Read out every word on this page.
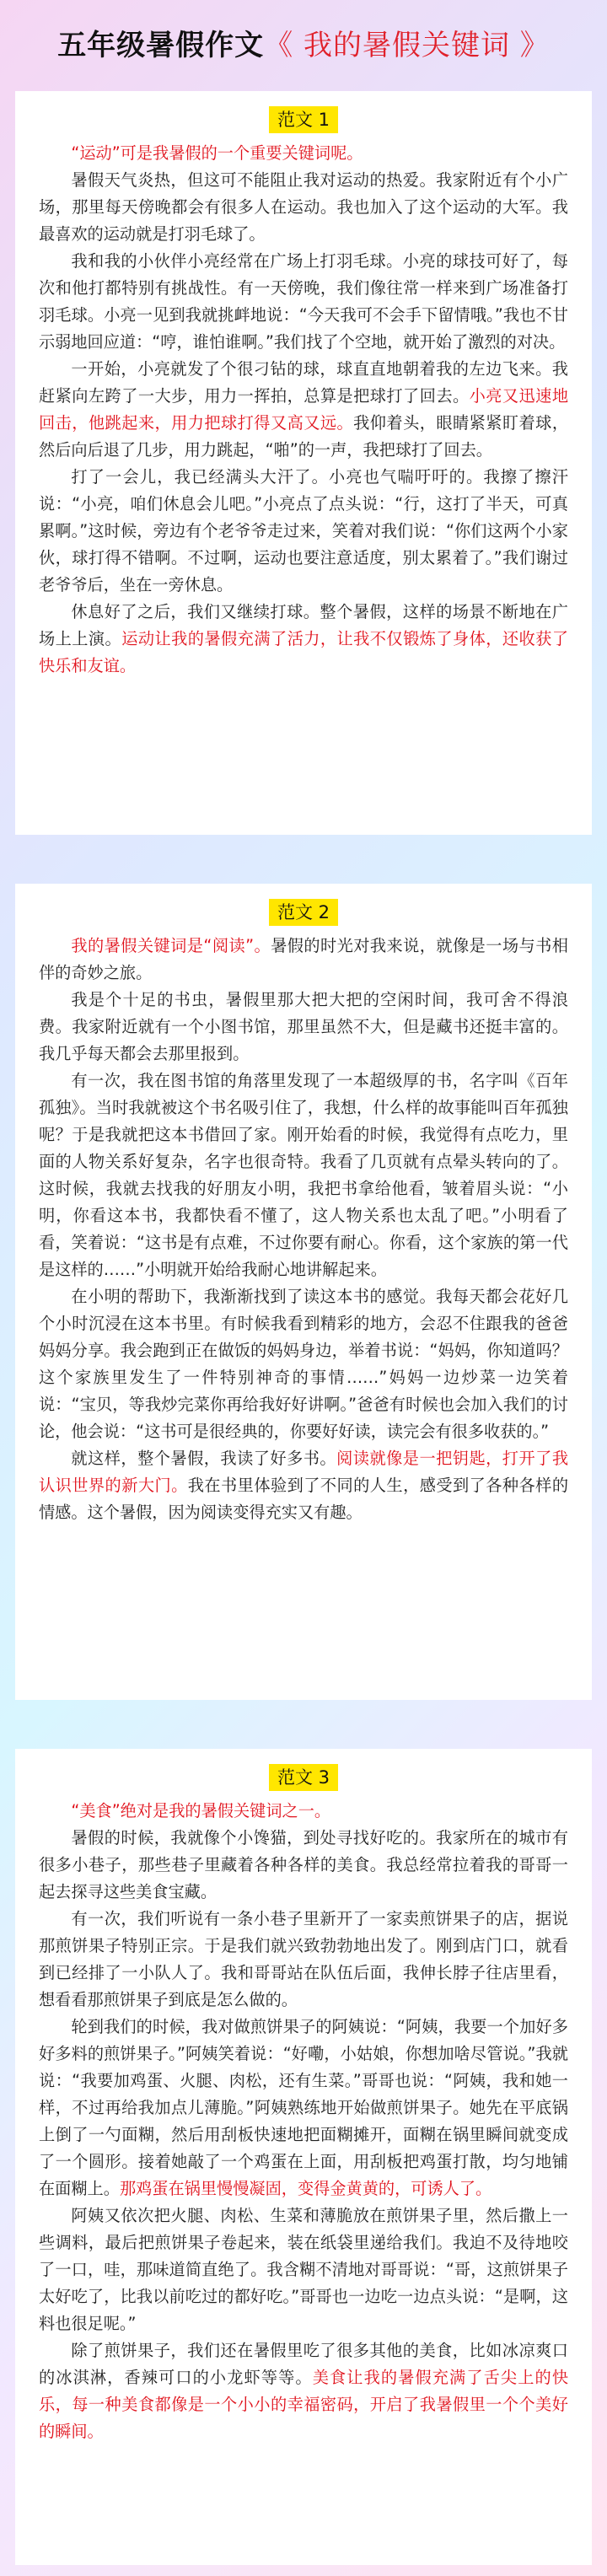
五年级暑假作文《 我的暑假关键词 》
范文 1

“运动”可是我暑假的一个重要关键词呢。

暑假天气炎热，但这可不能阻止我对运动的热爱。我家附近有个小广场，那里每天傍晚都会有很多人在运动。我也加入了这个运动的大军。我最喜欢的运动就是打羽毛球了。

我和我的小伙伴小亮经常在广场上打羽毛球。小亮的球技可好了，每次和他打都特别有挑战性。有一天傍晚，我们像往常一样来到广场准备打羽毛球。小亮一见到我就挑衅地说：“今天我可不会手下留情哦。”我也不甘示弱地回应道：“哼，谁怕谁啊。”我们找了个空地，就开始了激烈的对决。

一开始，小亮就发了个很刁钻的球，球直直地朝着我的左边飞来。我赶紧向左跨了一大步，用力一挥拍，总算是把球打了回去。小亮又迅速地回击，他跳起来，用力把球打得又高又远。我仰着头，眼睛紧紧盯着球，然后向后退了几步，用力跳起，“啪”的一声，我把球打了回去。

打了一会儿，我已经满头大汗了。小亮也气喘吁吁的。我擦了擦汗说：“小亮，咱们休息会儿吧。”小亮点了点头说：“行，这打了半天，可真累啊。”这时候，旁边有个老爷爷走过来，笑着对我们说：“你们这两个小家伙，球打得不错啊。不过啊，运动也要注意适度，别太累着了。”我们谢过老爷爷后，坐在一旁休息。

休息好了之后，我们又继续打球。整个暑假，这样的场景不断地在广场上上演。运动让我的暑假充满了活力，让我不仅锻炼了身体，还收获了快乐和友谊。

范文 2

我的暑假关键词是“阅读”。暑假的时光对我来说，就像是一场与书相伴的奇妙之旅。

我是个十足的书虫，暑假里那大把大把的空闲时间，我可舍不得浪费。我家附近就有一个小图书馆，那里虽然不大，但是藏书还挺丰富的。我几乎每天都会去那里报到。

有一次，我在图书馆的角落里发现了一本超级厚的书，名字叫《百年孤独》。当时我就被这个书名吸引住了，我想，什么样的故事能叫百年孤独呢？于是我就把这本书借回了家。刚开始看的时候，我觉得有点吃力，里面的人物关系好复杂，名字也很奇特。我看了几页就有点晕头转向的了。这时候，我就去找我的好朋友小明，我把书拿给他看，皱着眉头说：“小明，你看这本书，我都快看不懂了，这人物关系也太乱了吧。”小明看了看，笑着说：“这书是有点难，不过你要有耐心。你看，这个家族的第一代是这样的……”小明就开始给我耐心地讲解起来。

在小明的帮助下，我渐渐找到了读这本书的感觉。我每天都会花好几个小时沉浸在这本书里。有时候我看到精彩的地方，会忍不住跟我的爸爸妈妈分享。我会跑到正在做饭的妈妈身边，举着书说：“妈妈，你知道吗？这个家族里发生了一件特别神奇的事情……”妈妈一边炒菜一边笑着说：“宝贝，等我炒完菜你再给我好好讲啊。”爸爸有时候也会加入我们的讨论，他会说：“这书可是很经典的，你要好好读，读完会有很多收获的。”

就这样，整个暑假，我读了好多书。阅读就像是一把钥匙，打开了我认识世界的新大门。我在书里体验到了不同的人生，感受到了各种各样的情感。这个暑假，因为阅读变得充实又有趣。

范文 3

“美食”绝对是我的暑假关键词之一。

暑假的时候，我就像个小馋猫，到处寻找好吃的。我家所在的城市有很多小巷子，那些巷子里藏着各种各样的美食。我总经常拉着我的哥哥一起去探寻这些美食宝藏。

有一次，我们听说有一条小巷子里新开了一家卖煎饼果子的店，据说那煎饼果子特别正宗。于是我们就兴致勃勃地出发了。刚到店门口，就看到已经排了一小队人了。我和哥哥站在队伍后面，我伸长脖子往店里看，想看看那煎饼果子到底是怎么做的。

轮到我们的时候，我对做煎饼果子的阿姨说：“阿姨，我要一个加好多好多料的煎饼果子。”阿姨笑着说：“好嘞，小姑娘，你想加啥尽管说。”我就说：“我要加鸡蛋、火腿、肉松，还有生菜。”哥哥也说：“阿姨，我和她一样，不过再给我加点儿薄脆。”阿姨熟练地开始做煎饼果子。她先在平底锅上倒了一勺面糊，然后用刮板快速地把面糊摊开，面糊在锅里瞬间就变成了一个圆形。接着她敲了一个鸡蛋在上面，用刮板把鸡蛋打散，均匀地铺在面糊上。那鸡蛋在锅里慢慢凝固，变得金黄黄的，可诱人了。

阿姨又依次把火腿、肉松、生菜和薄脆放在煎饼果子里，然后撒上一些调料，最后把煎饼果子卷起来，装在纸袋里递给我们。我迫不及待地咬了一口，哇，那味道简直绝了。我含糊不清地对哥哥说：“哥，这煎饼果子太好吃了，比我以前吃过的都好吃。”哥哥也一边吃一边点头说：“是啊，这料也很足呢。”

除了煎饼果子，我们还在暑假里吃了很多其他的美食，比如冰凉爽口的冰淇淋，香辣可口的小龙虾等等。美食让我的暑假充满了舌尖上的快乐，每一种美食都像是一个小小的幸福密码，开启了我暑假里一个个美好的瞬间。
